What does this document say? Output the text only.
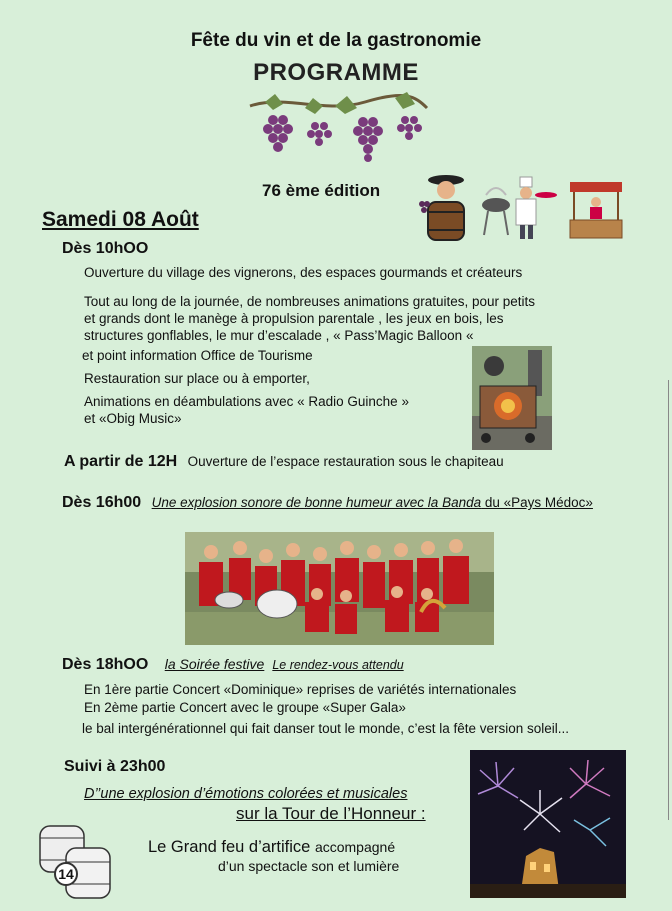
Fête du vin et de la gastronomie
PROGRAMME
76 ème édition
Samedi 08 Août
Dès 10hOO
Ouverture du village des vignerons, des espaces gourmands et créateurs
Tout au long de la journée, de nombreuses animations gratuites, pour petits
et grands dont le manège à propulsion parentale , les jeux en bois, les
structures gonflables, le mur d’escalade , « Pass’Magic Balloon «
et point information Office de Tourisme
Restauration sur place ou à emporter,
Animations en déambulations avec « Radio Guinche »
et «Obig Music»
A partir de 12H Ouverture de l’espace restauration sous le chapiteau
Dès 16h00 Une explosion sonore de bonne humeur avec la Banda du «Pays Médoc»
Dès 18hOO la Soirée festive Le rendez-vous attendu
En 1ère partie Concert «Dominique» reprises de variétés internationales
En 2ème partie Concert avec le groupe «Super Gala»
le bal intergénérationnel qui fait danser tout le monde, c’est la fête version soleil...
Suivi à 23h00
D’’une explosion d’émotions colorées et musicales
sur la Tour de l’Honneur :
Le Grand feu d’artifice accompagné
d’un spectacle son et lumière
14
